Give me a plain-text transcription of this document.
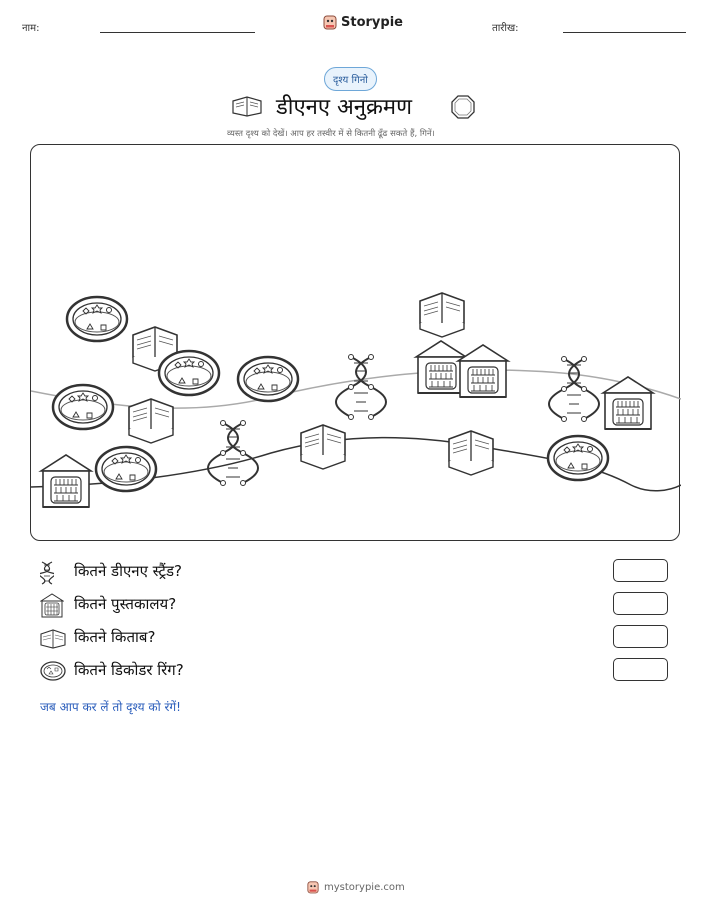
नाम:	Storypie	तारीख:
दृश्य गिनो
डीएनए अनुक्रमण
व्यस्त दृश्य को देखें। आप हर तस्वीर में से कितनी ढूँढ सकते हैं, गिनें।
कितने डीएनए स्ट्रैंड?
कितने पुस्तकालय?
कितने किताब?
कितने डिकोडर रिंग?
जब आप कर लें तो दृश्य को रंगें!
mystorypie.com
